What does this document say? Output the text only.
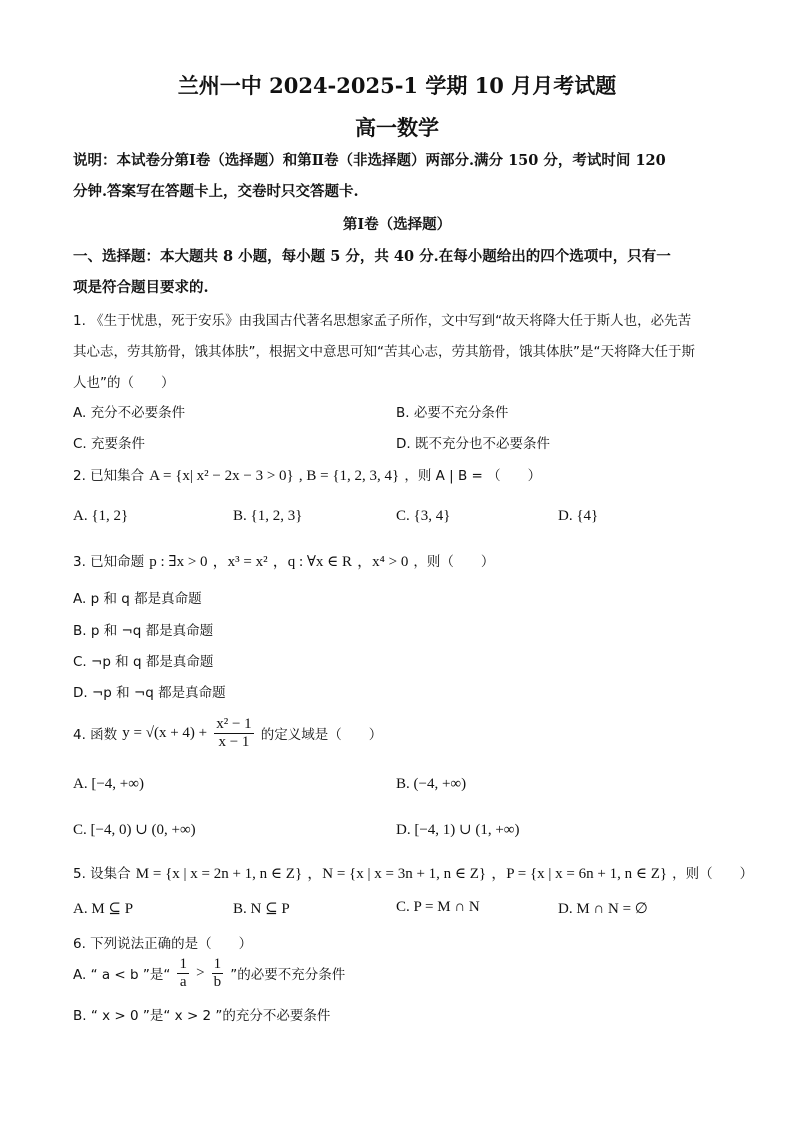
兰州一中 2024-2025-1 学期 10 月月考试题
高一数学
说明：本试卷分第Ⅰ卷（选择题）和第Ⅱ卷（非选择题）两部分.满分 150 分，考试时间 120
分钟.答案写在答题卡上，交卷时只交答题卡.
第Ⅰ卷（选择题）
一、选择题：本大题共 8 小题，每小题 5 分，共 40 分.在每小题给出的四个选项中，只有一
项是符合题目要求的.
1. 《生于忧患，死于安乐》由我国古代著名思想家孟子所作，文中写到“故天将降大任于斯人也，必先苦
其心志，劳其筋骨，饿其体肤”，根据文中意思可知“苦其心志，劳其筋骨，饿其体肤”是“天将降大任于斯
人也”的（　　）
A. 充分不必要条件	B. 必要不充分条件
C. 充要条件	D. 既不充分也不必要条件
2. 已知集合 A = {x| x² − 2x − 3 > 0} , B = {1, 2, 3, 4} ，则 A | B = （　　）
A. {1, 2}	B. {1, 2, 3}	C. {3, 4}	D. {4}
3. 已知命题 p : ∃x > 0 ，x³ = x² ，q : ∀x ∈ R ，x⁴ > 0 ，则（　　）
A. p 和 q 都是真命题
B. p 和 ¬q 都是真命题
C. ¬p 和 q 都是真命题
D. ¬p 和 ¬q 都是真命题
4. 函数 $y = √(x + 4) + \frac{\text{x² − 1}}{x - 1}$ 的定义域是（　　）
A. [−4, +∞)	B. (−4, +∞)
C. [−4, 0) ∪ (0, +∞)	D. [−4, 1) ∪ (1, +∞)
5. 设集合 M = {x | x = 2n + 1, n ∈ Z} ，N = {x | x = 3n + 1, n ∈ Z} ，P = {x | x = 6n + 1, n ∈ Z} ，则（　　）
A. M ⊆ P	B. N ⊆ P	C. P = M ∩ N	D. M ∩ N = ∅
6. 下列说法正确的是（　　）
A. “ a < b ”是“ $\frac{1}{a} > \frac{1}{b}$ ”的必要不充分条件
B. “ x > 0 ”是“ x > 2 ”的充分不必要条件
